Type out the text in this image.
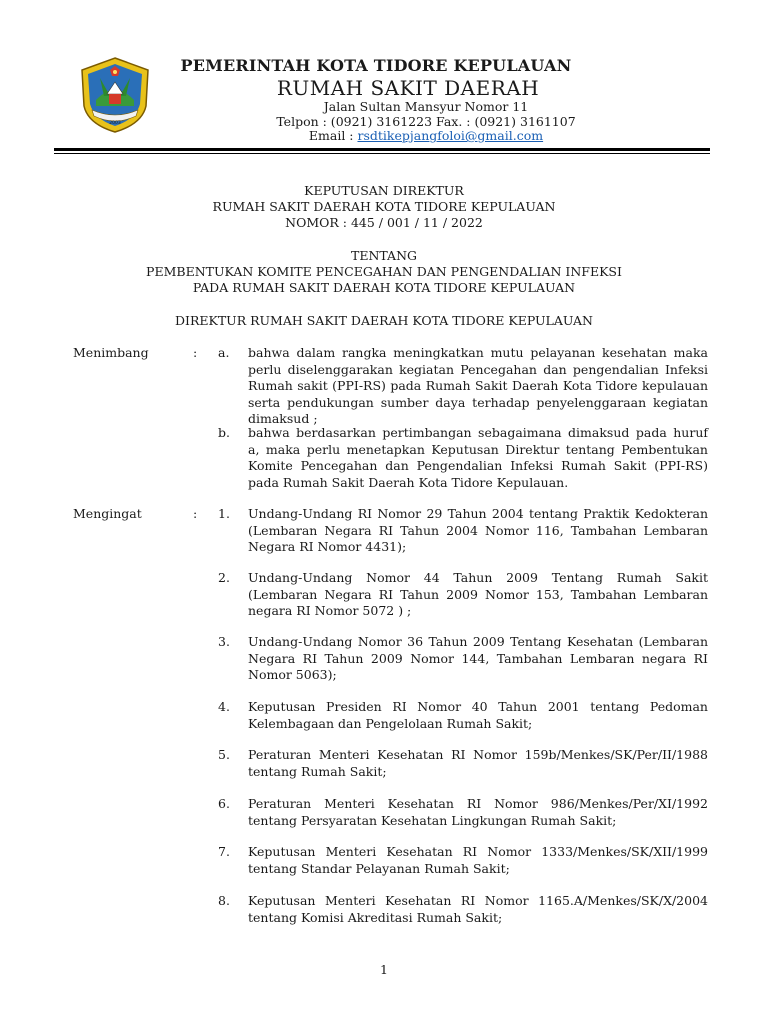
2003
PEMERINTAH KOTA TIDORE KEPULAUAN
RUMAH SAKIT DAERAH
Jalan Sultan Mansyur Nomor 11
Telpon : (0921) 3161223 Fax. : (0921) 3161107
Email : rsdtikepjangfoloi@gmail.com
KEPUTUSAN DIREKTUR
RUMAH SAKIT DAERAH KOTA TIDORE KEPULAUAN
NOMOR : 445 / 001 / 11 / 2022
TENTANG
PEMBENTUKAN KOMITE PENCEGAHAN DAN PENGENDALIAN INFEKSI
PADA RUMAH SAKIT DAERAH KOTA TIDORE KEPULAUAN
DIREKTUR RUMAH SAKIT DAERAH KOTA TIDORE KEPULAUAN
Menimbang	: a. bahwa dalam rangka meningkatkan mutu pelayanan kesehatan maka perlu diselenggarakan kegiatan Pencegahan dan pengendalian Infeksi Rumah sakit (PPI-RS) pada Rumah Sakit Daerah Kota Tidore kepulauan serta pendukungan sumber daya terhadap penyelenggaraan kegiatan dimaksud ;
b. bahwa berdasarkan pertimbangan sebagaimana dimaksud pada huruf a, maka perlu menetapkan Keputusan Direktur tentang Pembentukan Komite Pencegahan dan Pengendalian Infeksi Rumah Sakit (PPI-RS) pada Rumah Sakit Daerah Kota Tidore Kepulauan.
Mengingat	: 1. Undang-Undang RI Nomor 29 Tahun 2004 tentang Praktik Kedokteran (Lembaran Negara RI Tahun 2004 Nomor 116, Tambahan Lembaran Negara RI Nomor 4431);
2. Undang-Undang Nomor 44 Tahun 2009 Tentang Rumah Sakit (Lembaran Negara RI Tahun 2009 Nomor 153, Tambahan Lembaran negara RI Nomor 5072 ) ;
3. Undang-Undang Nomor 36 Tahun 2009 Tentang Kesehatan (Lembaran Negara RI Tahun 2009 Nomor 144, Tambahan Lembaran negara RI Nomor 5063);
4. Keputusan Presiden RI Nomor 40 Tahun 2001 tentang Pedoman Kelembagaan dan Pengelolaan Rumah Sakit;
5. Peraturan Menteri Kesehatan RI Nomor 159b/Menkes/SK/Per/II/1988 tentang Rumah Sakit;
6. Peraturan Menteri Kesehatan RI Nomor 986/Menkes/Per/XI/1992 tentang Persyaratan Kesehatan Lingkungan Rumah Sakit;
7. Keputusan Menteri Kesehatan RI Nomor 1333/Menkes/SK/XII/1999 tentang Standar Pelayanan Rumah Sakit;
8. Keputusan Menteri Kesehatan RI Nomor 1165.A/Menkes/SK/X/2004 tentang Komisi Akreditasi Rumah Sakit;
1
